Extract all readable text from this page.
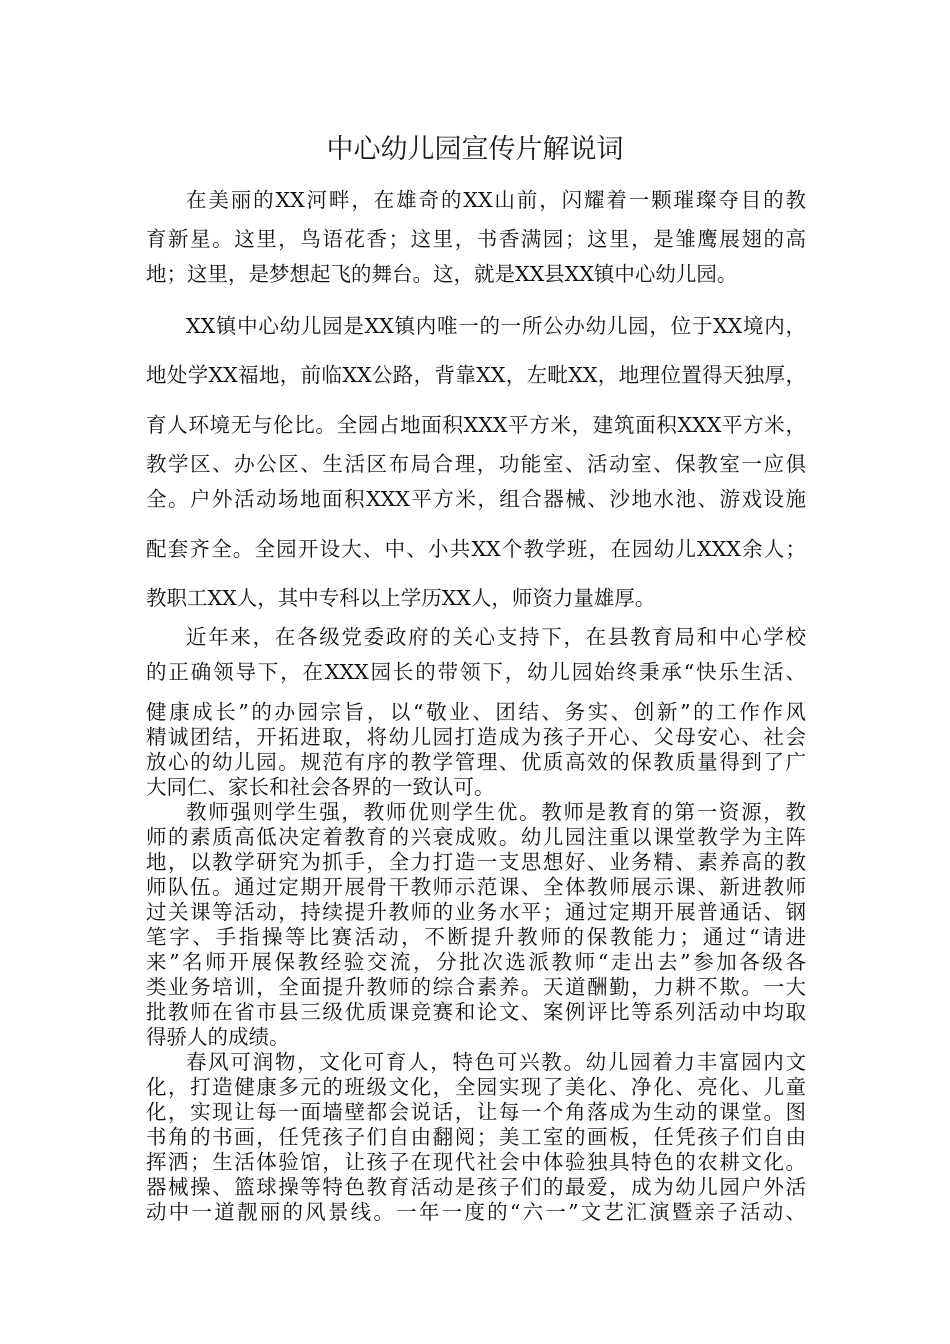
中心幼儿园宣传片解说词
在美丽的XX河畔，在雄奇的XX山前，闪耀着一颗璀璨夺目的教
育新星。这里，鸟语花香；这里，书香满园；这里，是雏鹰展翅的高
地；这里，是梦想起飞的舞台。这，就是XX县XX镇中心幼儿园。
XX镇中心幼儿园是XX镇内唯一的一所公办幼儿园，位于XX境内，
地处学XX福地，前临XX公路，背靠XX，左毗XX，地理位置得天独厚，
育人环境无与伦比。全园占地面积XXX平方米，建筑面积XXX平方米，
教学区、办公区、生活区布局合理，功能室、活动室、保教室一应俱
全。户外活动场地面积XXX平方米，组合器械、沙地水池、游戏设施
配套齐全。全园开设大、中、小共XX个教学班，在园幼儿XXX余人；
教职工XX人，其中专科以上学历XX人，师资力量雄厚。
近年来，在各级党委政府的关心支持下，在县教育局和中心学校
的正确领导下，在XXX园长的带领下，幼儿园始终秉承“快乐生活、
健康成长”的办园宗旨，以“敬业、团结、务实、创新”的工作作风
精诚团结，开拓进取，将幼儿园打造成为孩子开心、父母安心、社会
放心的幼儿园。规范有序的教学管理、优质高效的保教质量得到了广
大同仁、家长和社会各界的一致认可。
教师强则学生强，教师优则学生优。教师是教育的第一资源，教
师的素质高低决定着教育的兴衰成败。幼儿园注重以课堂教学为主阵
地，以教学研究为抓手，全力打造一支思想好、业务精、素养高的教
师队伍。通过定期开展骨干教师示范课、全体教师展示课、新进教师
过关课等活动，持续提升教师的业务水平；通过定期开展普通话、钢
笔字、手指操等比赛活动，不断提升教师的保教能力；通过“请进
来”名师开展保教经验交流，分批次选派教师“走出去”参加各级各
类业务培训，全面提升教师的综合素养。天道酬勤，力耕不欺。一大
批教师在省市县三级优质课竞赛和论文、案例评比等系列活动中均取
得骄人的成绩。
春风可润物，文化可育人，特色可兴教。幼儿园着力丰富园内文
化，打造健康多元的班级文化，全园实现了美化、净化、亮化、儿童
化，实现让每一面墙壁都会说话，让每一个角落成为生动的课堂。图
书角的书画，任凭孩子们自由翻阅；美工室的画板，任凭孩子们自由
挥洒；生活体验馆，让孩子在现代社会中体验独具特色的农耕文化。
器械操、篮球操等特色教育活动是孩子们的最爱，成为幼儿园户外活
动中一道靓丽的风景线。一年一度的“六一”文艺汇演暨亲子活动、
